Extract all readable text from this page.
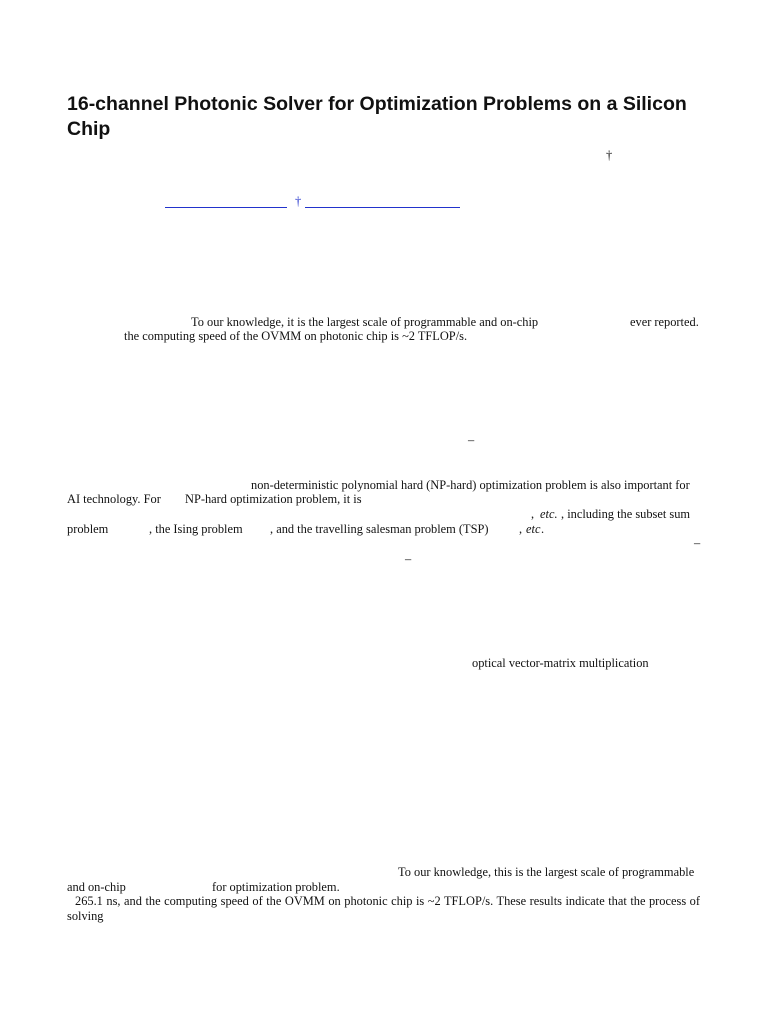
16-channel Photonic Solver for Optimization Problems on a Silicon Chip
†
†
To our knowledge, it is the largest scale of programmable and on-chip	ever reported.
the computing speed of the OVMM on photonic chip is ~2 TFLOP/s.
–
non-deterministic polynomial hard (NP-hard) optimization problem is also important for
AI technology. For NP-hard optimization problem, it is
, etc. , including the subset sum
problem	, the Ising problem , and the travelling salesman problem (TSP) , etc .
–
–
optical vector-matrix multiplication
To our knowledge, this is the largest scale of programmable
and on-chip	for optimization problem.
265.1 ns, and the computing speed of the OVMM on photonic chip is ~2 TFLOP/s. These results indicate that the process of
solving
